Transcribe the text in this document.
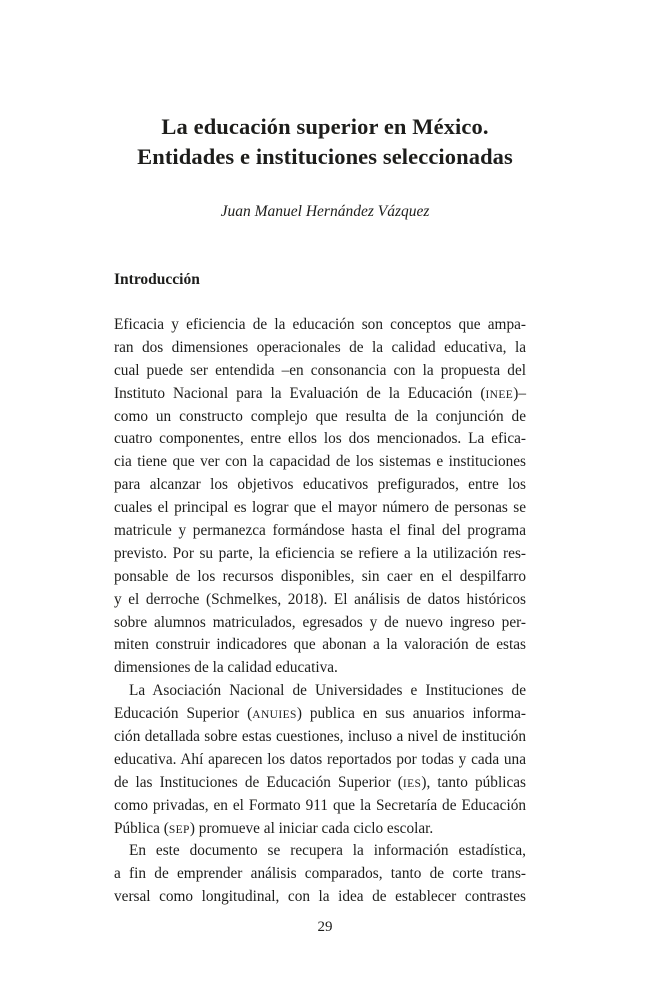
La educación superior en México.
Entidades e instituciones seleccionadas
Juan Manuel Hernández Vázquez
Introducción
Eficacia y eficiencia de la educación son conceptos que ampa-
ran dos dimensiones operacionales de la calidad educativa, la
cual puede ser entendida –en consonancia con la propuesta del
Instituto Nacional para la Evaluación de la Educación (INEE)–
como un constructo complejo que resulta de la conjunción de
cuatro componentes, entre ellos los dos mencionados. La efica-
cia tiene que ver con la capacidad de los sistemas e instituciones
para alcanzar los objetivos educativos prefigurados, entre los
cuales el principal es lograr que el mayor número de personas se
matricule y permanezca formándose hasta el final del programa
previsto. Por su parte, la eficiencia se refiere a la utilización res-
ponsable de los recursos disponibles, sin caer en el despilfarro
y el derroche (Schmelkes, 2018). El análisis de datos históricos
sobre alumnos matriculados, egresados y de nuevo ingreso per-
miten construir indicadores que abonan a la valoración de estas
dimensiones de la calidad educativa.
La Asociación Nacional de Universidades e Instituciones de
Educación Superior (ANUIES) publica en sus anuarios informa-
ción detallada sobre estas cuestiones, incluso a nivel de institución
educativa. Ahí aparecen los datos reportados por todas y cada una
de las Instituciones de Educación Superior (IES), tanto públicas
como privadas, en el Formato 911 que la Secretaría de Educación
Pública (SEP) promueve al iniciar cada ciclo escolar.
En este documento se recupera la información estadística,
a fin de emprender análisis comparados, tanto de corte trans-
versal como longitudinal, con la idea de establecer contrastes
29
